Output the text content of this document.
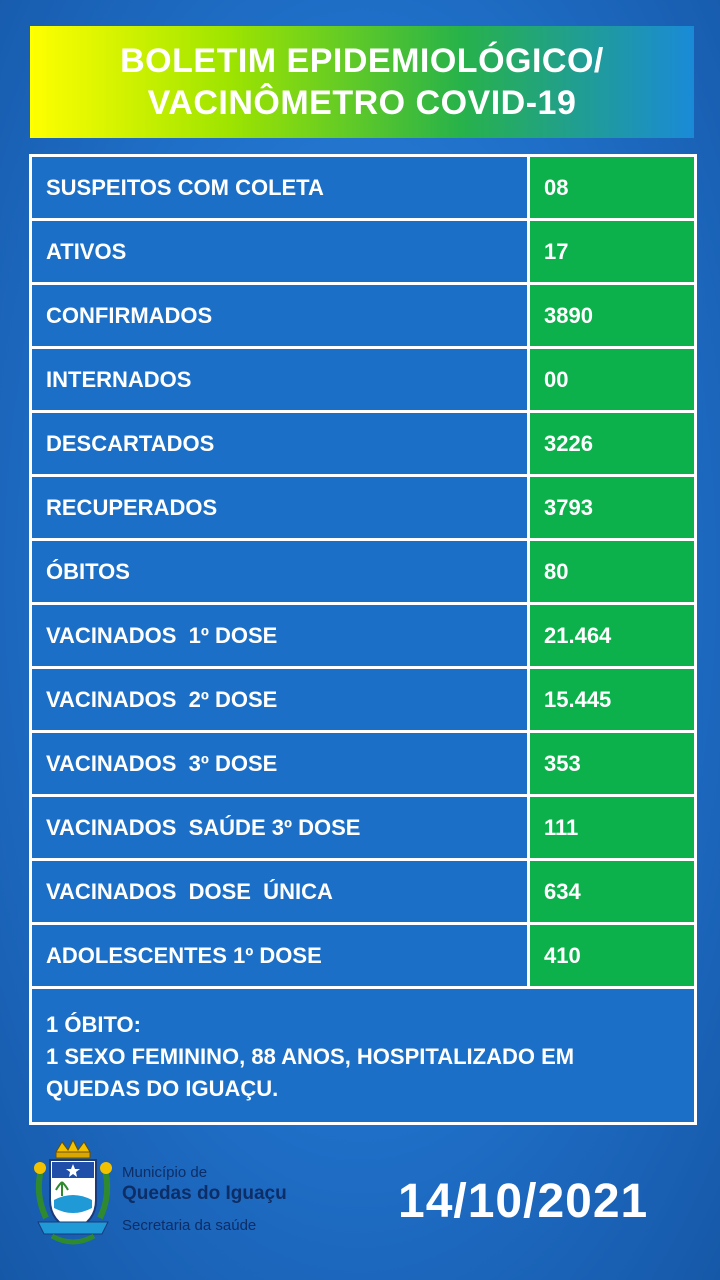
BOLETIM EPIDEMIOLÓGICO/
VACINÔMETRO COVID-19
SUSPEITOS COM COLETA	08
ATIVOS	17
CONFIRMADOS	3890
INTERNADOS	00
DESCARTADOS	3226
RECUPERADOS	3793
ÓBITOS	80
VACINADOS  1º DOSE	21.464
VACINADOS  2º DOSE	15.445
VACINADOS  3º DOSE	353
VACINADOS  SAÚDE 3º DOSE	111
VACINADOS  DOSE  ÚNICA	634
ADOLESCENTES 1º DOSE	410
1 ÓBITO:
1 SEXO FEMININO, 88 ANOS, HOSPITALIZADO EM
QUEDAS DO IGUAÇU.
Município de
Quedas do Iguaçu
Secretaria da saúde	14/10/2021
